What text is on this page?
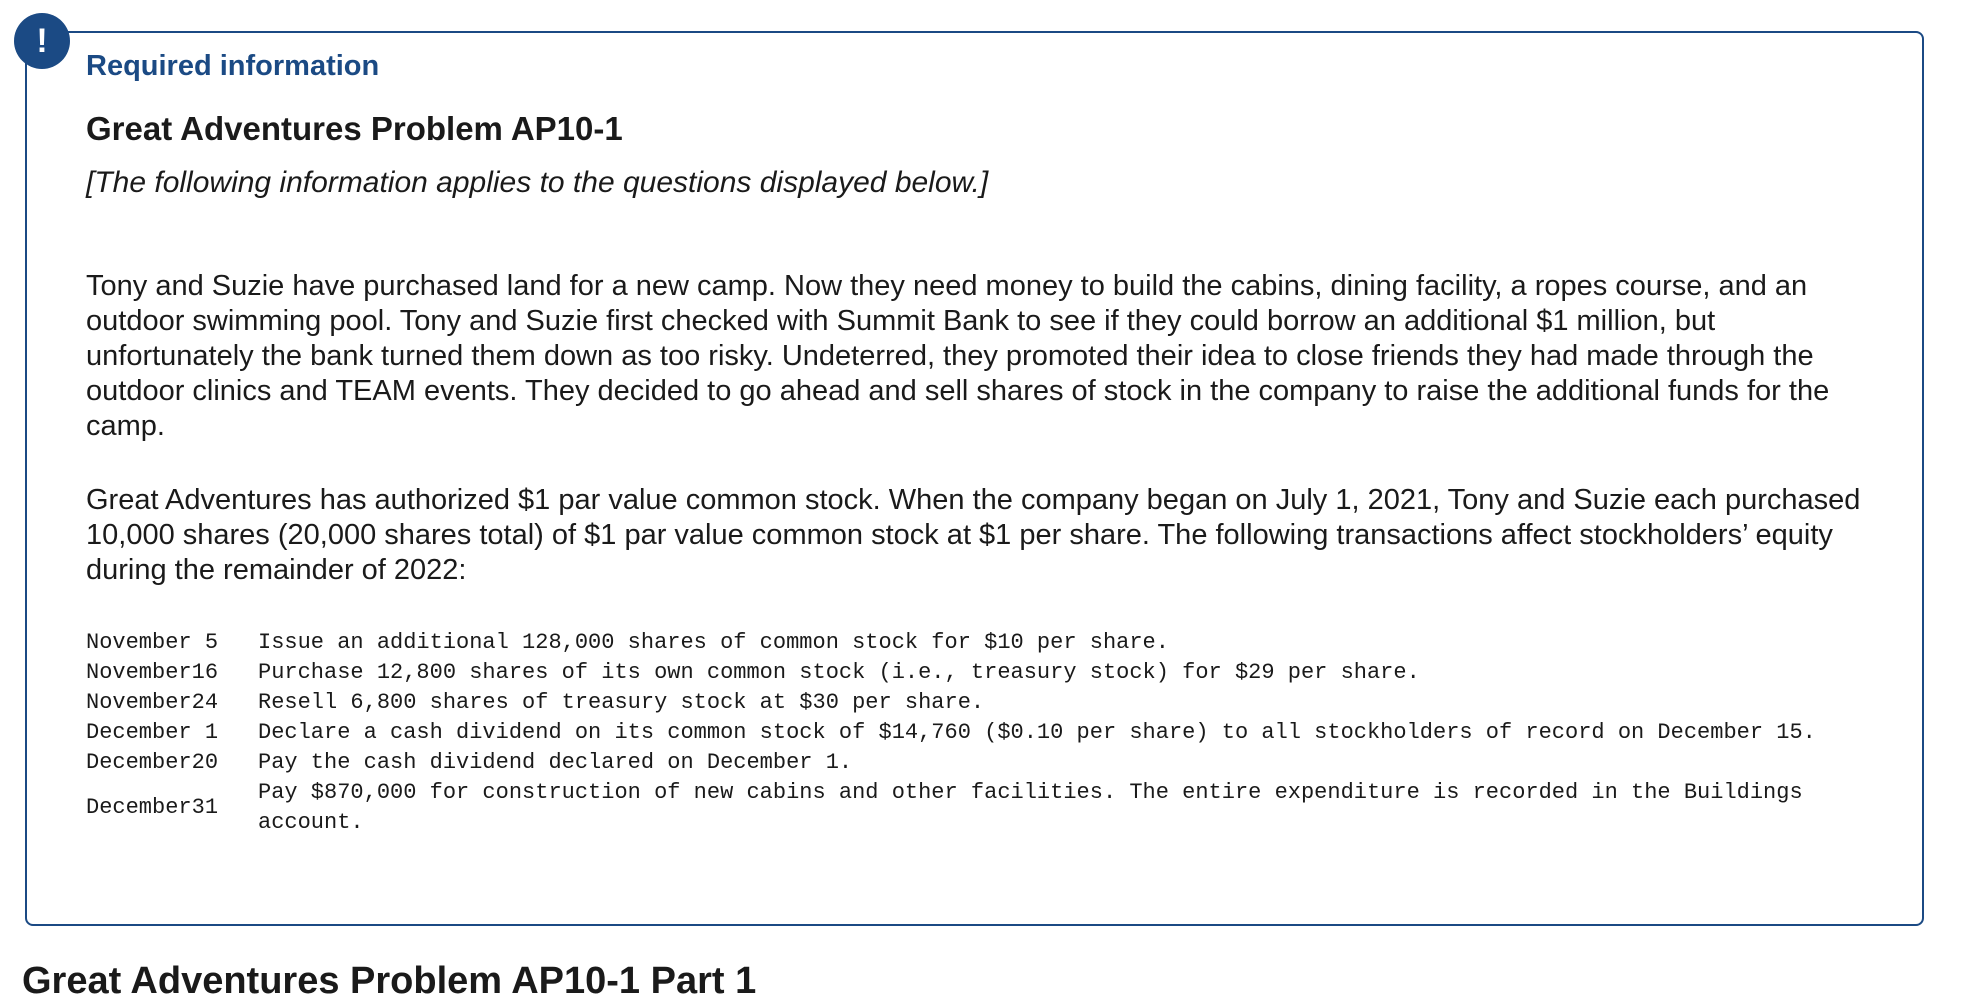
!
Required information
Great Adventures Problem AP10-1
[The following information applies to the questions displayed below.]
Tony and Suzie have purchased land for a new camp. Now they need money to build the cabins, dining facility, a ropes course, and an outdoor swimming pool. Tony and Suzie first checked with Summit Bank to see if they could borrow an additional $1 million, but unfortunately the bank turned them down as too risky. Undeterred, they promoted their idea to close friends they had made through the outdoor clinics and TEAM events. They decided to go ahead and sell shares of stock in the company to raise the additional funds for the camp.
Great Adventures has authorized $1 par value common stock. When the company began on July 1, 2021, Tony and Suzie each purchased 10,000 shares (20,000 shares total) of $1 par value common stock at $1 per share. The following transactions affect stockholders’ equity during the remainder of 2022:
November 5	Issue an additional 128,000 shares of common stock for $10 per share.
November16	Purchase 12,800 shares of its own common stock (i.e., treasury stock) for $29 per share.
November24	Resell 6,800 shares of treasury stock at $30 per share.
December 1	Declare a cash dividend on its common stock of $14,760 ($0.10 per share) to all stockholders of record on December 15.
December20	Pay the cash dividend declared on December 1.
December31	Pay $870,000 for construction of new cabins and other facilities. The entire expenditure is recorded in the Buildings account.
Great Adventures Problem AP10-1 Part 1
